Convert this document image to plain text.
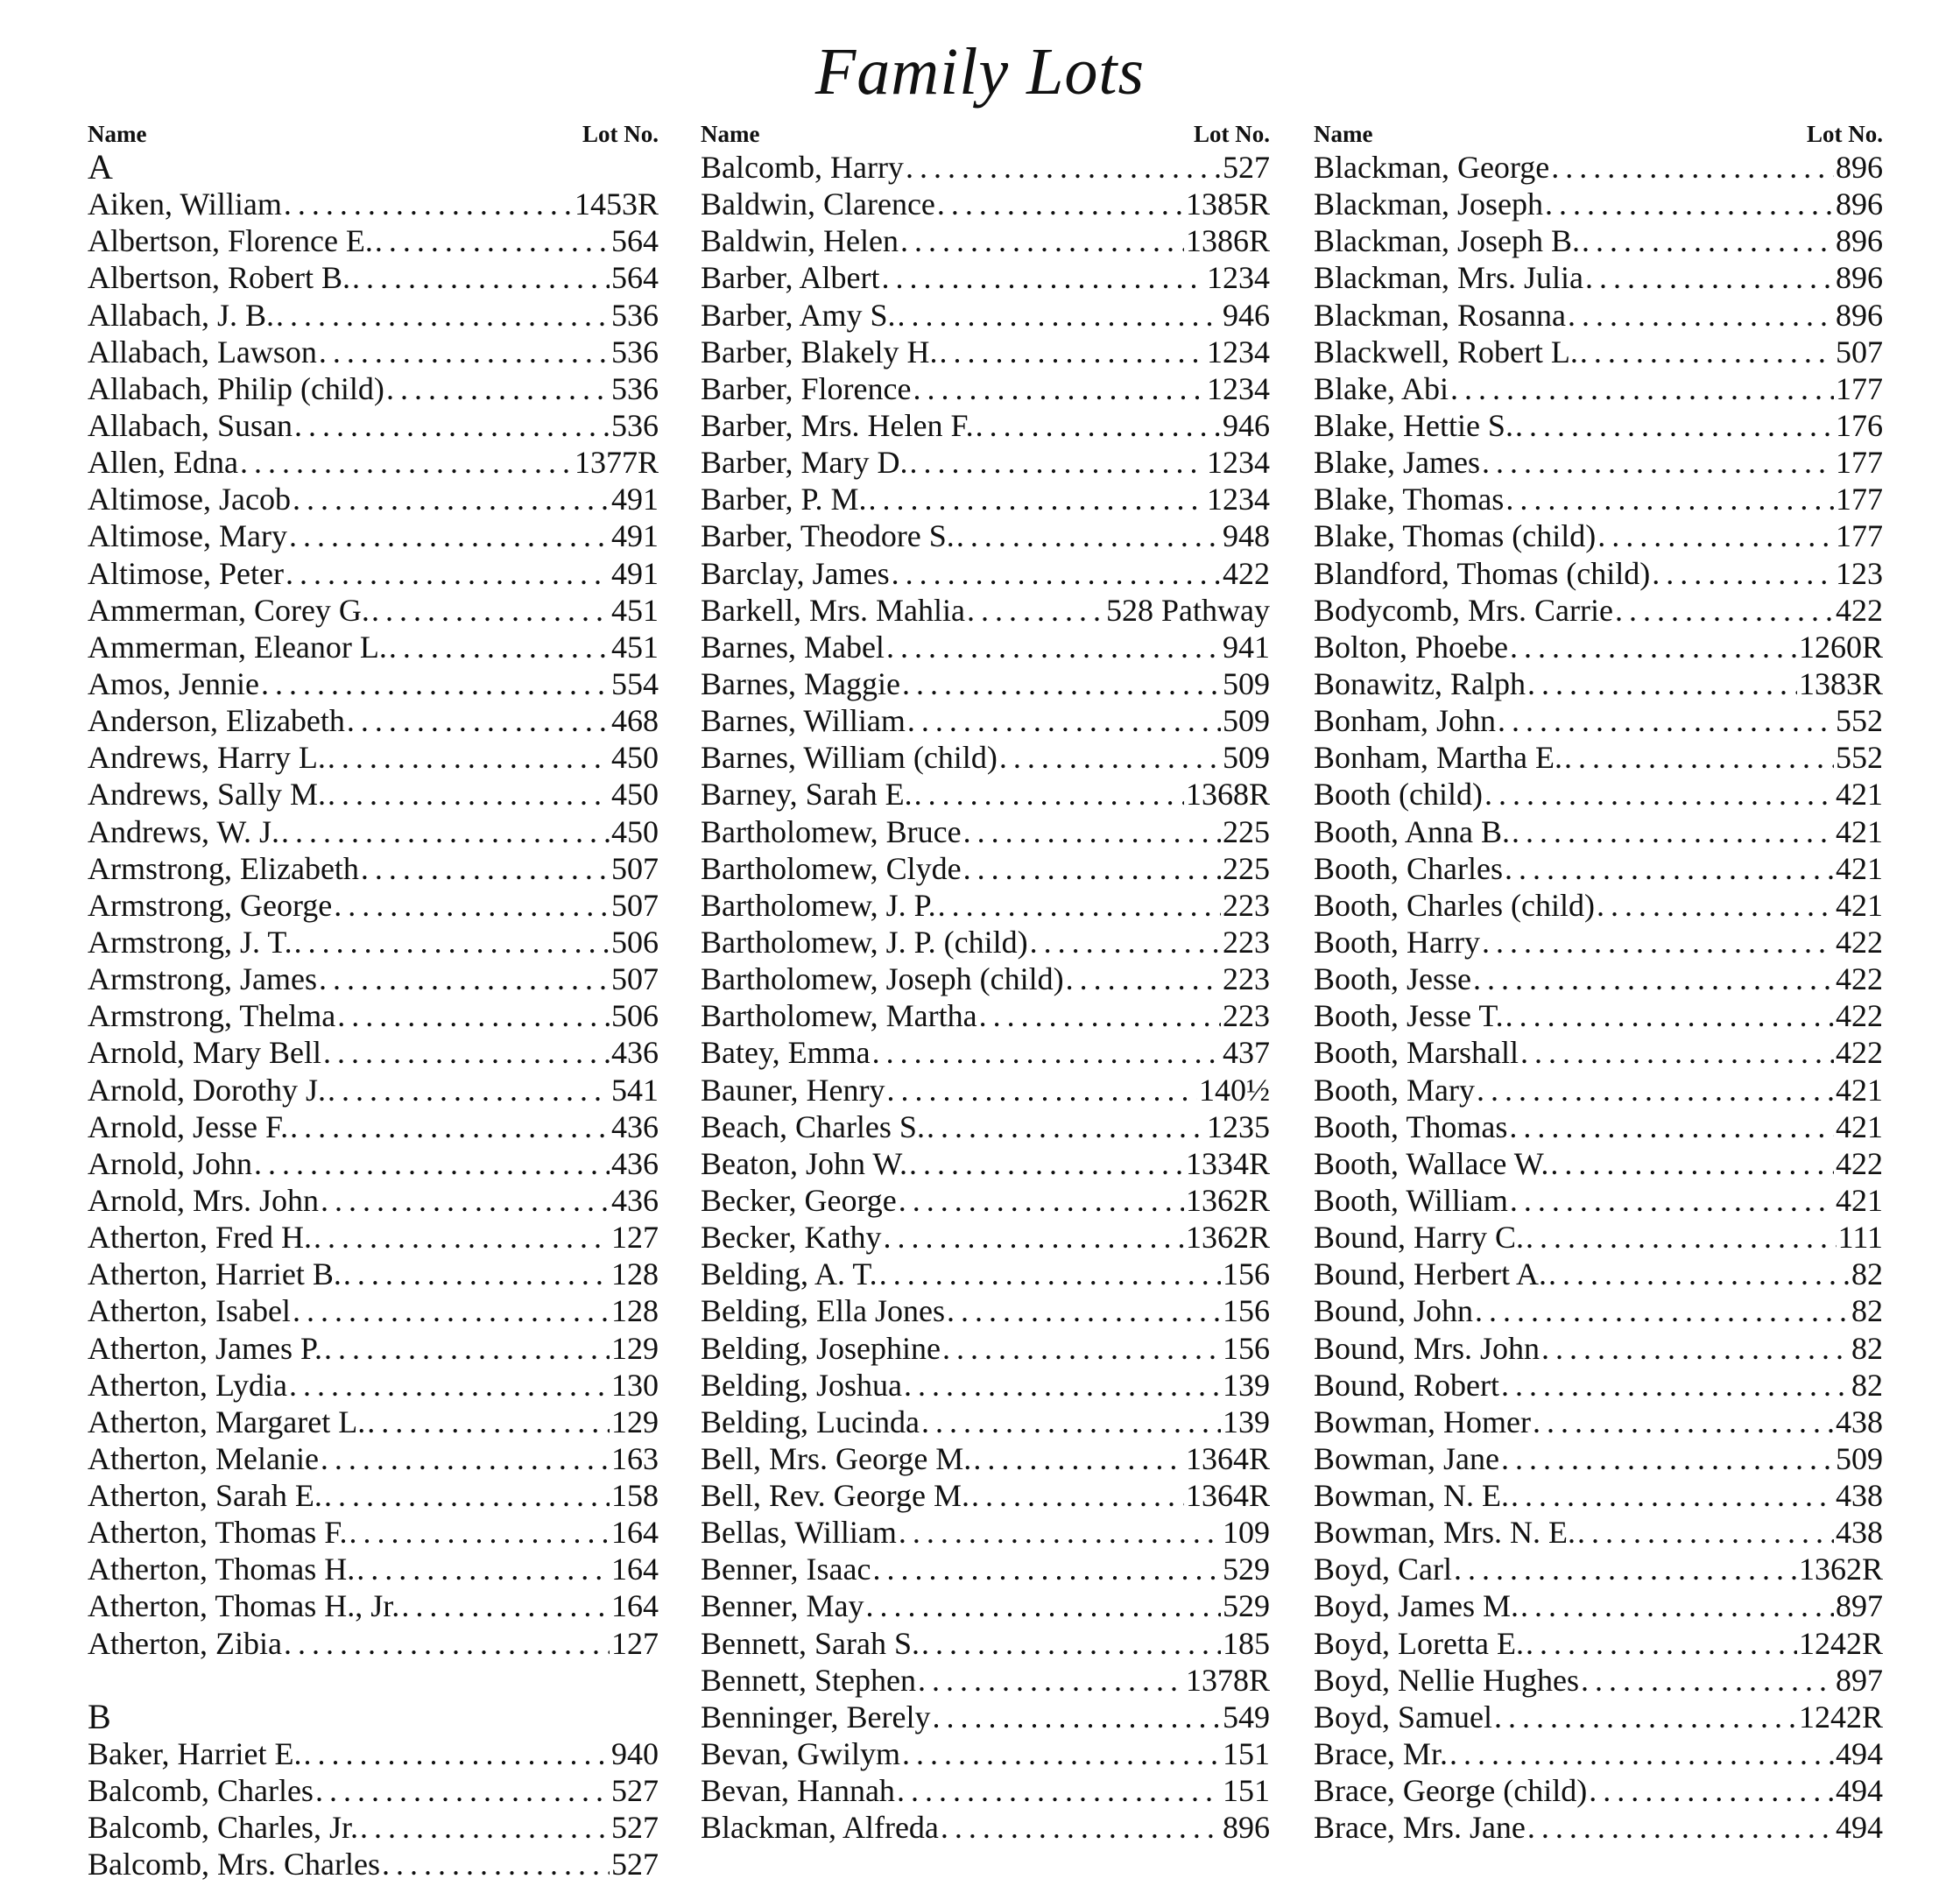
Family Lots
Name	Lot No.
A
Aiken, William . . .	1453R
Albertson, Florence E. . . .	564
Albertson, Robert B. . . .	564
Allabach, J. B. . . .	536
Allabach, Lawson . . .	536
Allabach, Philip (child) . . .	536
Allabach, Susan . . .	536
Allen, Edna . . .	1377R
Altimose, Jacob . . .	491
Altimose, Mary . . .	491
Altimose, Peter . . .	491
Ammerman, Corey G. . . .	451
Ammerman, Eleanor L. . . .	451
Amos, Jennie . . .	554
Anderson, Elizabeth . . .	468
Andrews, Harry L. . . .	450
Andrews, Sally M. . . .	450
Andrews, W. J. . . .	450
Armstrong, Elizabeth . . .	507
Armstrong, George . . .	507
Armstrong, J. T. . . .	506
Armstrong, James . . .	507
Armstrong, Thelma . . .	506
Arnold, Mary Bell . . .	436
Arnold, Dorothy J. . . .	541
Arnold, Jesse F. . . .	436
Arnold, John . . .	436
Arnold, Mrs. John . . .	436
Atherton, Fred H. . . .	127
Atherton, Harriet B. . . .	128
Atherton, Isabel . . .	128
Atherton, James P. . . .	129
Atherton, Lydia . . .	130
Atherton, Margaret L. . . .	129
Atherton, Melanie . . .	163
Atherton, Sarah E. . . .	158
Atherton, Thomas F. . . .	164
Atherton, Thomas H. . . .	164
Atherton, Thomas H., Jr. . . .	164
Atherton, Zibia . . .	127
B
Baker, Harriet E. . . .	940
Balcomb, Charles . . .	527
Balcomb, Charles, Jr. . . .	527
Balcomb, Mrs. Charles . . .	527
Name	Lot No.
Balcomb, Harry . . .	527
Baldwin, Clarence . . .	1385R
Baldwin, Helen . . .	1386R
Barber, Albert . . .	1234
Barber, Amy S. . . .	946
Barber, Blakely H. . . .	1234
Barber, Florence . . .	1234
Barber, Mrs. Helen F. . . .	946
Barber, Mary D. . . .	1234
Barber, P. M. . . .	1234
Barber, Theodore S. . . .	948
Barclay, James . . .	422
Barkell, Mrs. Mahlia . . .	528 Pathway
Barnes, Mabel . . .	941
Barnes, Maggie . . .	509
Barnes, William . . .	509
Barnes, William (child) . . .	509
Barney, Sarah E. . . .	1368R
Bartholomew, Bruce . . .	225
Bartholomew, Clyde . . .	225
Bartholomew, J. P. . . .	223
Bartholomew, J. P. (child) . . .	223
Bartholomew, Joseph (child) . . .	223
Bartholomew, Martha . . .	223
Batey, Emma . . .	437
Bauner, Henry . . .	140½
Beach, Charles S. . . .	1235
Beaton, John W. . . .	1334R
Becker, George . . .	1362R
Becker, Kathy . . .	1362R
Belding, A. T. . . .	156
Belding, Ella Jones . . .	156
Belding, Josephine . . .	156
Belding, Joshua . . .	139
Belding, Lucinda . . .	139
Bell, Mrs. George M. . . .	1364R
Bell, Rev. George M. . . .	1364R
Bellas, William . . .	109
Benner, Isaac . . .	529
Benner, May . . .	529
Bennett, Sarah S. . . .	185
Bennett, Stephen . . .	1378R
Benninger, Berely . . .	549
Bevan, Gwilym . . .	151
Bevan, Hannah . . .	151
Blackman, Alfreda . . .	896
Name	Lot No.
Blackman, George . . .	896
Blackman, Joseph . . .	896
Blackman, Joseph B. . . .	896
Blackman, Mrs. Julia . . .	896
Blackman, Rosanna . . .	896
Blackwell, Robert L. . . .	507
Blake, Abi . . .	177
Blake, Hettie S. . . .	176
Blake, James . . .	177
Blake, Thomas . . .	177
Blake, Thomas (child) . . .	177
Blandford, Thomas (child) . . .	123
Bodycomb, Mrs. Carrie . . .	422
Bolton, Phoebe . . .	1260R
Bonawitz, Ralph . . .	1383R
Bonham, John . . .	552
Bonham, Martha E. . . .	552
Booth (child) . . .	421
Booth, Anna B. . . .	421
Booth, Charles . . .	421
Booth, Charles (child) . . .	421
Booth, Harry . . .	422
Booth, Jesse . . .	422
Booth, Jesse T. . . .	422
Booth, Marshall . . .	422
Booth, Mary . . .	421
Booth, Thomas . . .	421
Booth, Wallace W. . . .	422
Booth, William . . .	421
Bound, Harry C. . . .	111
Bound, Herbert A. . . .	82
Bound, John . . .	82
Bound, Mrs. John . . .	82
Bound, Robert . . .	82
Bowman, Homer . . .	438
Bowman, Jane . . .	509
Bowman, N. E. . . .	438
Bowman, Mrs. N. E. . . .	438
Boyd, Carl . . .	1362R
Boyd, James M. . . .	897
Boyd, Loretta E. . . .	1242R
Boyd, Nellie Hughes . . .	897
Boyd, Samuel . . .	1242R
Brace, Mr. . . .	494
Brace, George (child) . . .	494
Brace, Mrs. Jane . . .	494
